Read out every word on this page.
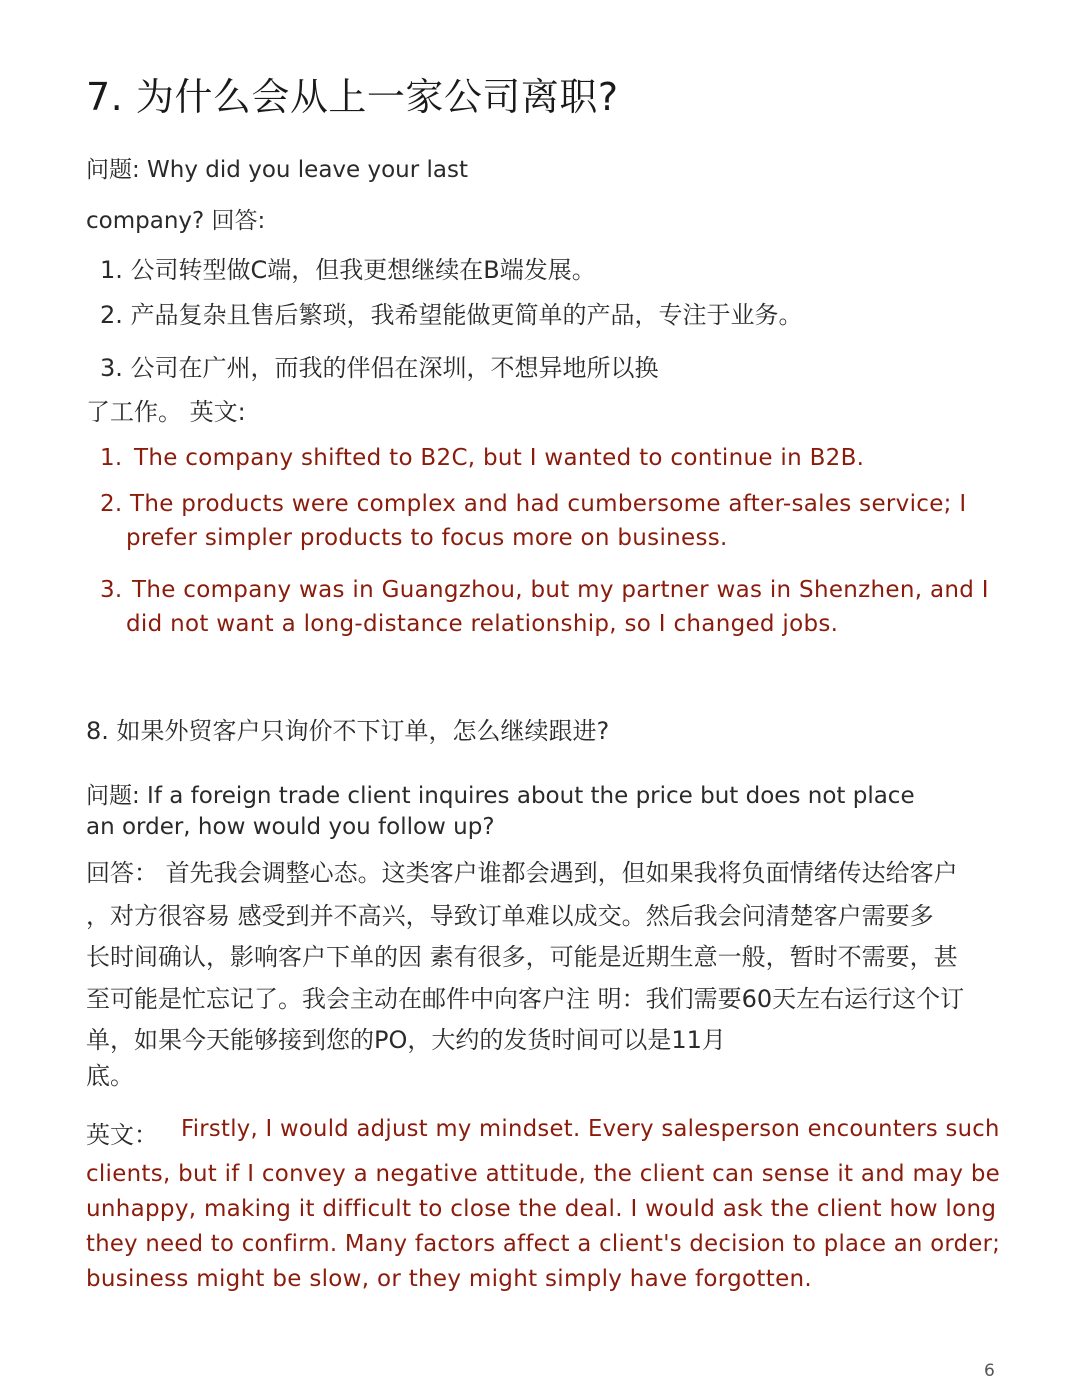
7. 为什么会从上一家公司离职?
问题: Why did you leave your last
company? 回答:
1. 公司转型做C端，但我更想继续在B端发展。
2. 产品复杂且售后繁琐，我希望能做更简单的产品，专注于业务。
3. 公司在广州，而我的伴侣在深圳，不想异地所以换
了工作。 英文:
1. The company shifted to B2C, but I wanted to continue in B2B.
2. The products were complex and had cumbersome after-sales service; I
prefer simpler products to focus more on business.
3. The company was in Guangzhou, but my partner was in Shenzhen, and I
did not want a long-distance relationship, so I changed jobs.
8. 如果外贸客户只询价不下订单，怎么继续跟进?
问题: If a foreign trade client inquires about the price but does not place
an order, how would you follow up?
回答： 首先我会调整心态。这类客户谁都会遇到，但如果我将负面情绪传达给客户
，对方很容易 感受到并不高兴，导致订单难以成交。然后我会问清楚客户需要多
长时间确认，影响客户下单的因 素有很多，可能是近期生意一般，暂时不需要，甚
至可能是忙忘记了。我会主动在邮件中向客户注 明：我们需要60天左右运行这个订
单，如果今天能够接到您的PO，大约的发货时间可以是11月
底。
英文： Firstly, I would adjust my mindset. Every salesperson encounters such
clients, but if I convey a negative attitude, the client can sense it and may be
unhappy, making it difficult to close the deal. I would ask the client how long
they need to confirm. Many factors affect a client's decision to place an order;
business might be slow, or they might simply have forgotten.
6
